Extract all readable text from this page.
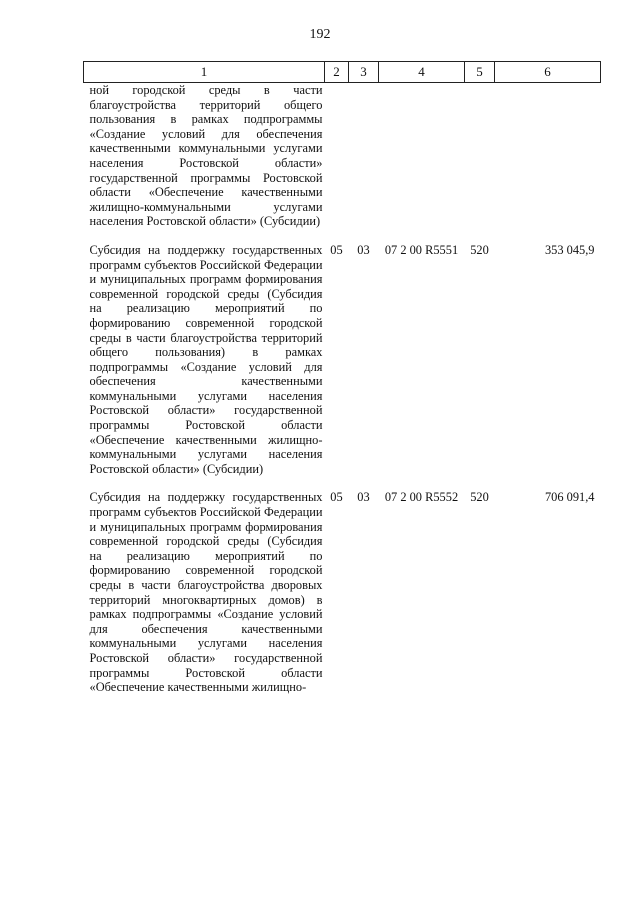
192
1	2	3	4	5	6

ной городской среды в части благоустройства территорий общего пользования в рамках подпрограммы «Создание условий для обеспечения качественными коммунальными услугами населения Ростовской области» государственной программы Ростовской области «Обеспечение качественными жилищно-коммунальными услугами населения Ростовской области» (Субсидии)					

Субсидия на поддержку государственных программ субъектов Российской Федерации и муниципальных программ формирования современной городской среды (Субсидия на реализацию мероприятий по формированию современной городской среды в части благоустройства территорий общего пользования) в рамках подпрограммы «Создание условий для обеспечения качественными коммунальными услугами населения Ростовской области» государственной программы Ростовской области «Обеспечение качественными жилищно-коммунальными услугами населения Ростовской области» (Субсидии)	05	03	07 2 00 R5551	520	353 045,9

Субсидия на поддержку государственных программ субъектов Российской Федерации и муниципальных программ формирования современной городской среды (Субсидия на реализацию мероприятий по формированию современной городской среды в части благоустройства дворовых территорий многоквартирных домов) в рамках подпрограммы «Создание условий для обеспечения качественными коммунальными услугами населения Ростовской области» государственной программы Ростовской области «Обеспечение качественными жилищно-	05	03	07 2 00 R5552	520	706 091,4
